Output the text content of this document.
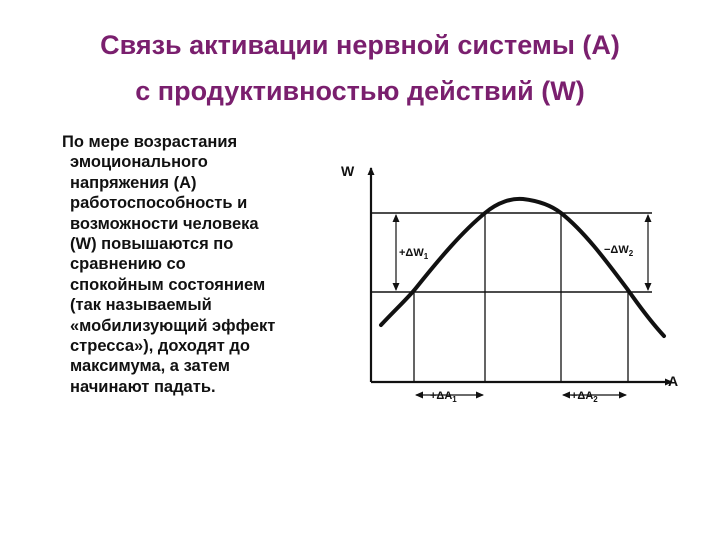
Связь активации нервной системы (А)
с продуктивностью действий (W)
По мере возрастания
эмоционального
напряжения (А)
работоспособность и
возможности человека
(W) повышаются по
сравнению со
спокойным состоянием
(так называемый
«мобилизующий эффект
стресса»), доходят до
максимума, а затем
начинают падать.
W
A
$+\Delta W_1$
$-\Delta W_2$
$+\Delta A_1$	$+\Delta A_2$
